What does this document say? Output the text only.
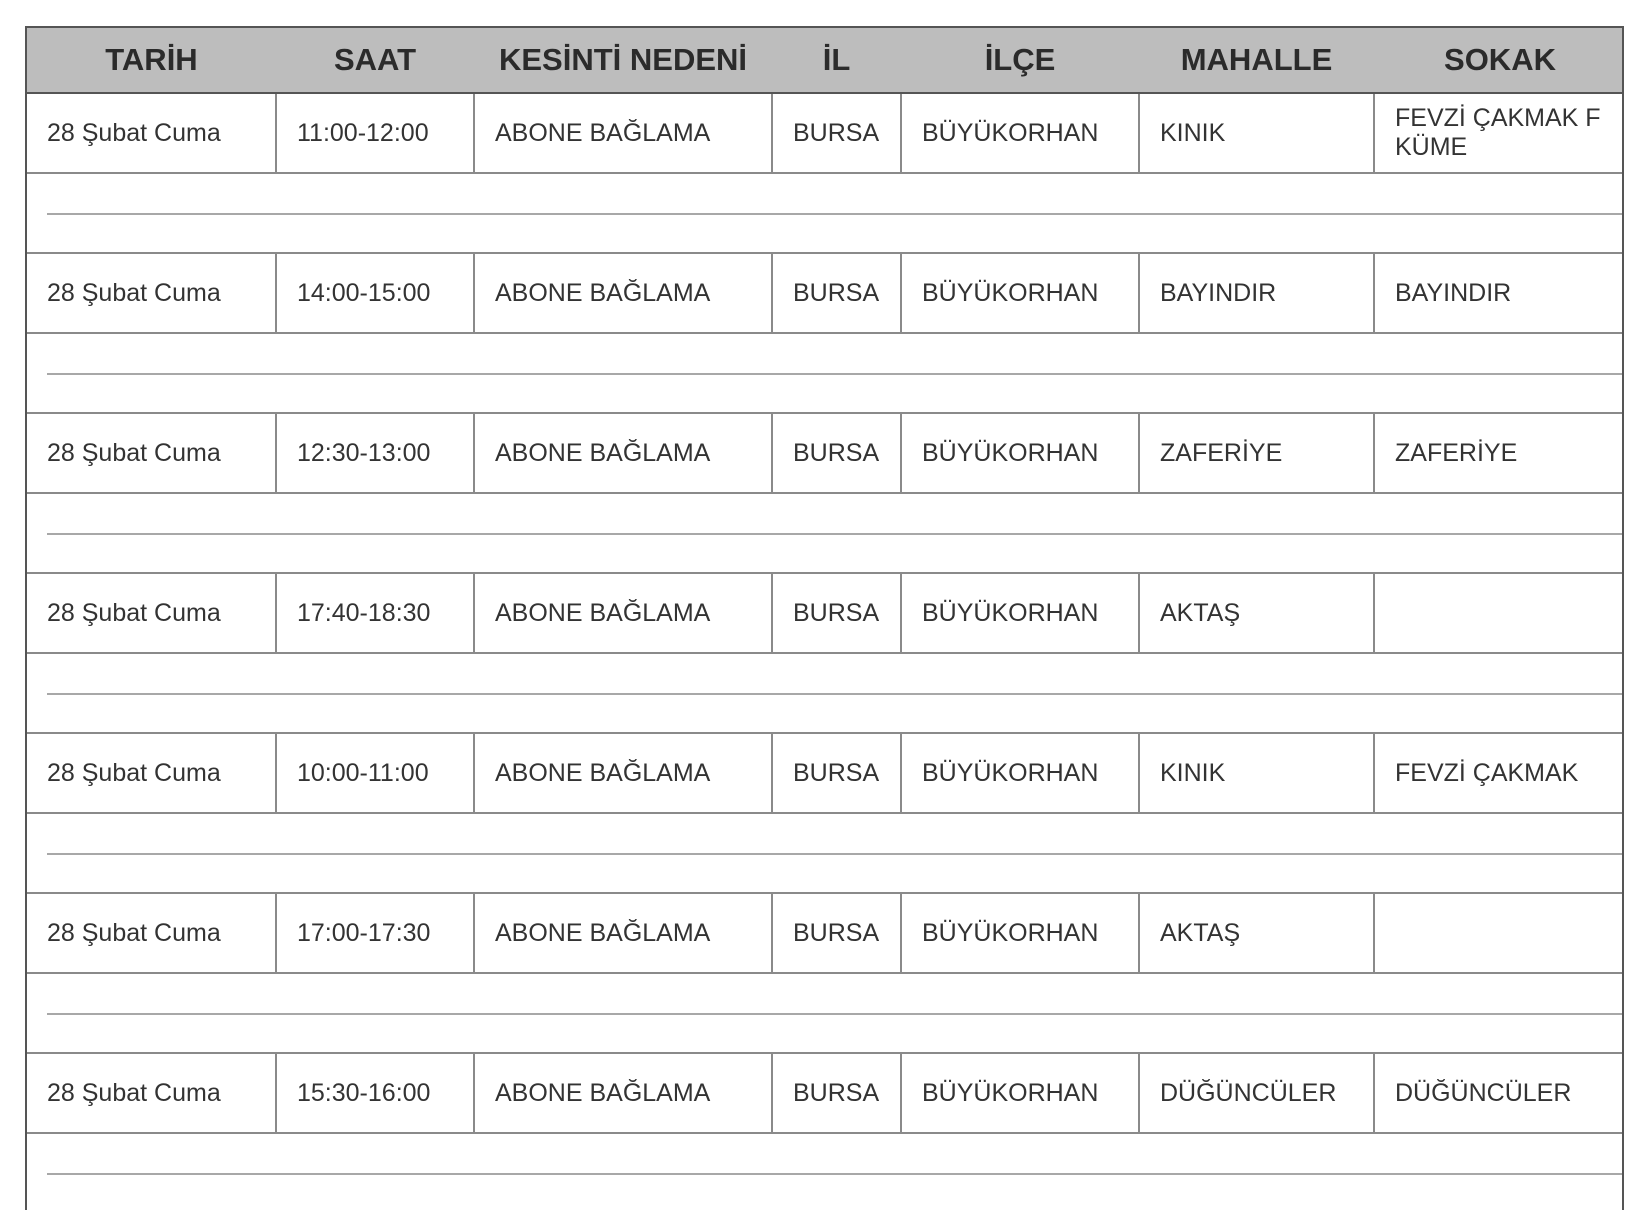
TARİH	SAAT	KESİNTİ NEDENİ	İL	İLÇE	MAHALLE	SOKAK
28 Şubat Cuma	11:00-12:00	ABONE BAĞLAMA	BURSA	BÜYÜKORHAN	KINIK	FEVZİ ÇAKMAK F KÜME

28 Şubat Cuma	14:00-15:00	ABONE BAĞLAMA	BURSA	BÜYÜKORHAN	BAYINDIR	BAYINDIR

28 Şubat Cuma	12:30-13:00	ABONE BAĞLAMA	BURSA	BÜYÜKORHAN	ZAFERİYE	ZAFERİYE

28 Şubat Cuma	17:40-18:30	ABONE BAĞLAMA	BURSA	BÜYÜKORHAN	AKTAŞ	

28 Şubat Cuma	10:00-11:00	ABONE BAĞLAMA	BURSA	BÜYÜKORHAN	KINIK	FEVZİ ÇAKMAK

28 Şubat Cuma	17:00-17:30	ABONE BAĞLAMA	BURSA	BÜYÜKORHAN	AKTAŞ	

28 Şubat Cuma	15:30-16:00	ABONE BAĞLAMA	BURSA	BÜYÜKORHAN	DÜĞÜNCÜLER	DÜĞÜNCÜLER
